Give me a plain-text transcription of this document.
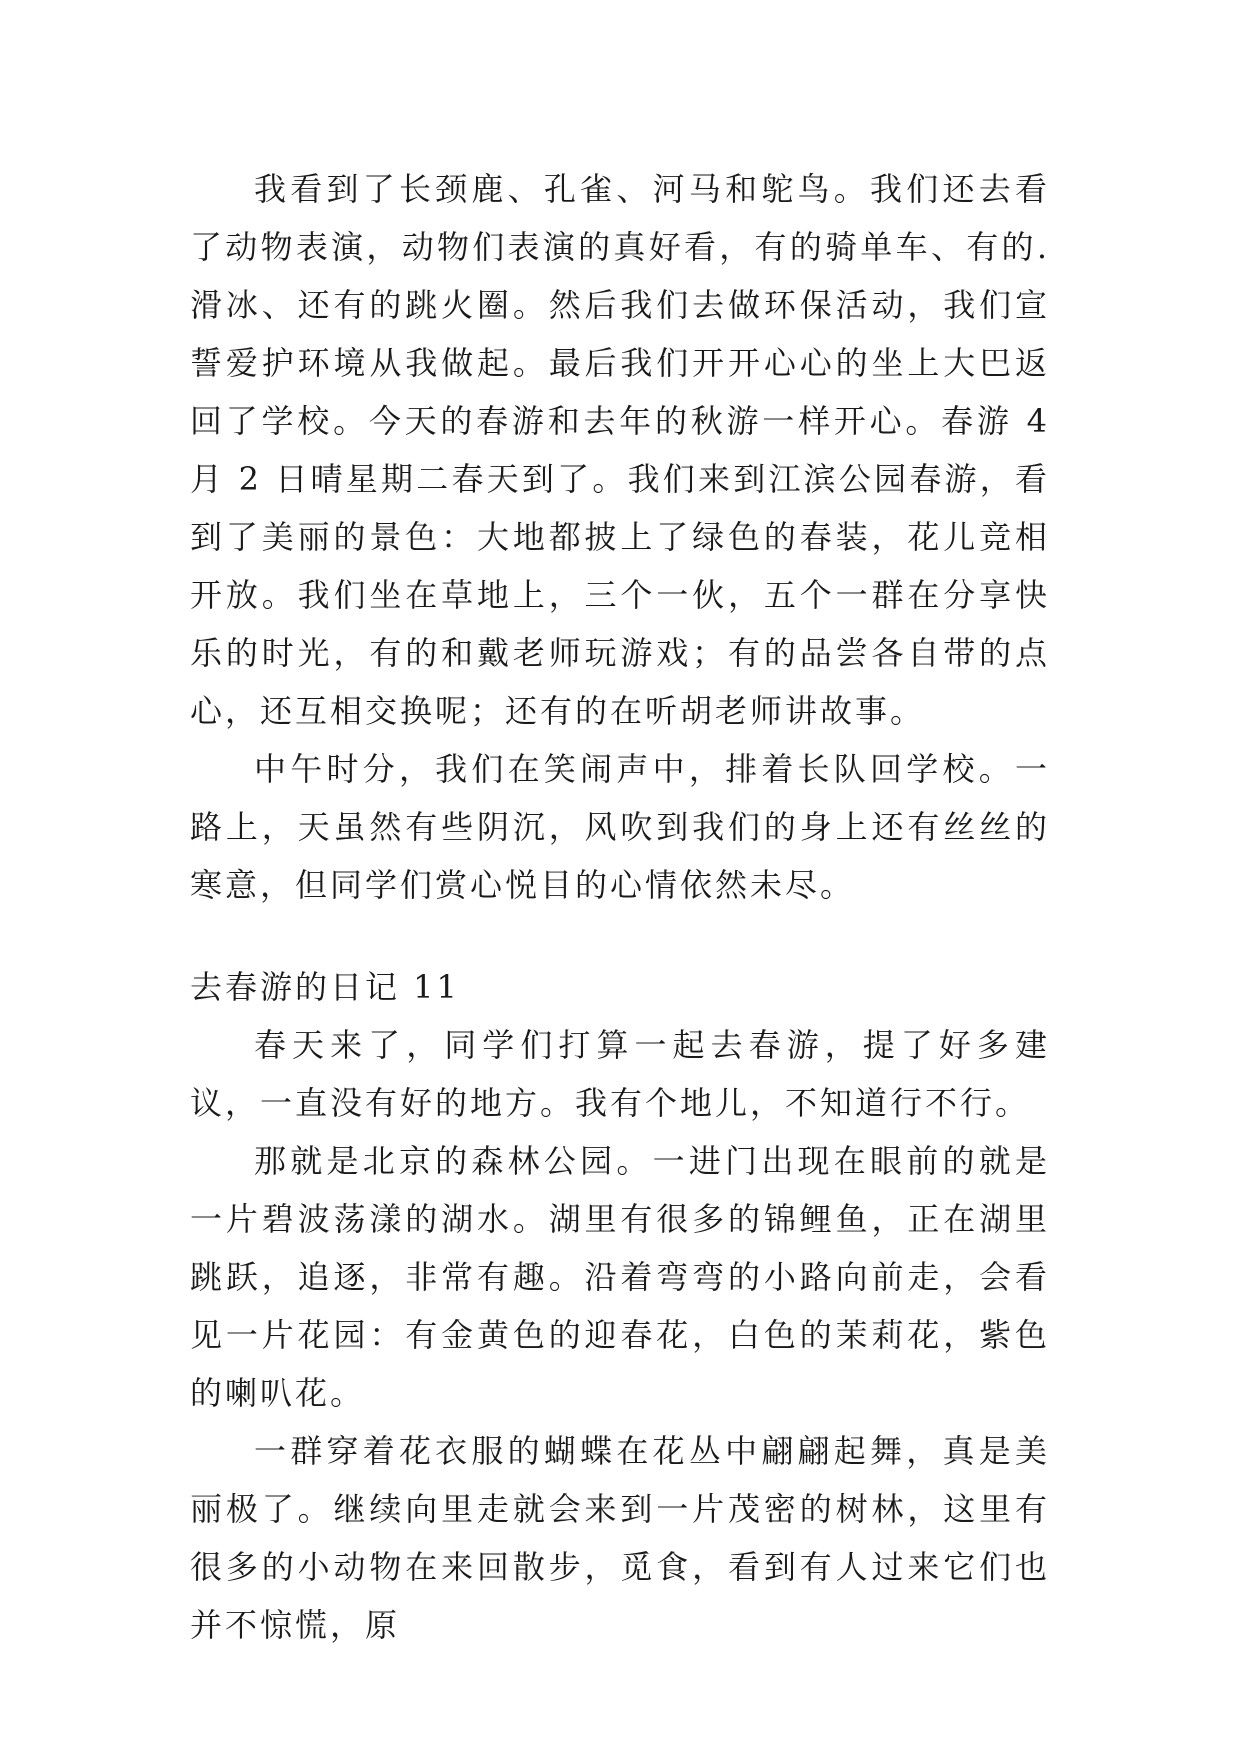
我看到了长颈鹿、孔雀、河马和鸵鸟。我们还去看了动物表演，动物们表演的真好看，有的骑单车、有的.滑冰、还有的跳火圈。然后我们去做环保活动，我们宣誓爱护环境从我做起。最后我们开开心心的坐上大巴返回了学校。今天的春游和去年的秋游一样开心。春游 4 月 2 日晴星期二春天到了。我们来到江滨公园春游，看到了美丽的景色：大地都披上了绿色的春装，花儿竞相开放。我们坐在草地上，三个一伙，五个一群在分享快乐的时光，有的和戴老师玩游戏；有的品尝各自带的点心，还互相交换呢；还有的在听胡老师讲故事。

中午时分，我们在笑闹声中，排着长队回学校。一路上，天虽然有些阴沉，风吹到我们的身上还有丝丝的寒意，但同学们赏心悦目的心情依然未尽。

去春游的日记 11

春天来了，同学们打算一起去春游，提了好多建议，一直没有好的地方。我有个地儿，不知道行不行。

那就是北京的森林公园。一进门出现在眼前的就是一片碧波荡漾的湖水。湖里有很多的锦鲤鱼，正在湖里跳跃，追逐，非常有趣。沿着弯弯的小路向前走，会看见一片花园：有金黄色的迎春花，白色的茉莉花，紫色的喇叭花。

一群穿着花衣服的蝴蝶在花丛中翩翩起舞，真是美丽极了。继续向里走就会来到一片茂密的树林，这里有很多的小动物在来回散步，觅食，看到有人过来它们也并不惊慌，原
